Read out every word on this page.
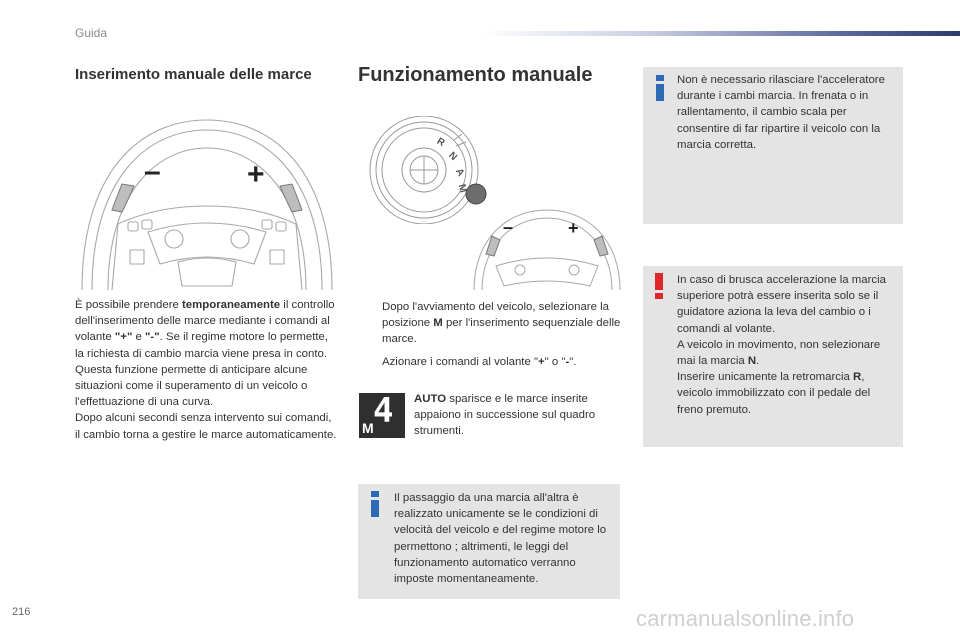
Guida
Inserimento manuale delle marce
–	+
È possibile prendere temporaneamente il controllo dell'inserimento delle marce mediante i comandi al volante "+" e "-". Se il regime motore lo permette, la richiesta di cambio marcia viene presa in conto.
Questa funzione permette di anticipare alcune situazioni come il superamento di un veicolo o l'effettuazione di una curva.
Dopo alcuni secondi senza intervento sui comandi, il cambio torna a gestire le marce automaticamente.
Funzionamento manuale
R
N
A
M
–	+
Dopo l'avviamento del veicolo, selezionare la posizione M per l'inserimento sequenziale delle marce.
Azionare i comandi al volante "+" o "-".
4
M
AUTO sparisce e le marce inserite appaiono in successione sul quadro strumenti.
Il passaggio da una marcia all'altra è realizzato unicamente se le condizioni di velocità del veicolo e del regime motore lo permettono ; altrimenti, le leggi del funzionamento automatico verranno imposte momentaneamente.
Non è necessario rilasciare l'acceleratore durante i cambi marcia. In frenata o in rallentamento, il cambio scala per consentire di far ripartire il veicolo con la marcia corretta.
In caso di brusca accelerazione la marcia superiore potrà essere inserita solo se il guidatore aziona la leva del cambio o i comandi al volante.
A veicolo in movimento, non selezionare mai la marcia N.
Inserire unicamente la retromarcia R, veicolo immobilizzato con il pedale del freno premuto.
216	carmanualsonline.info
